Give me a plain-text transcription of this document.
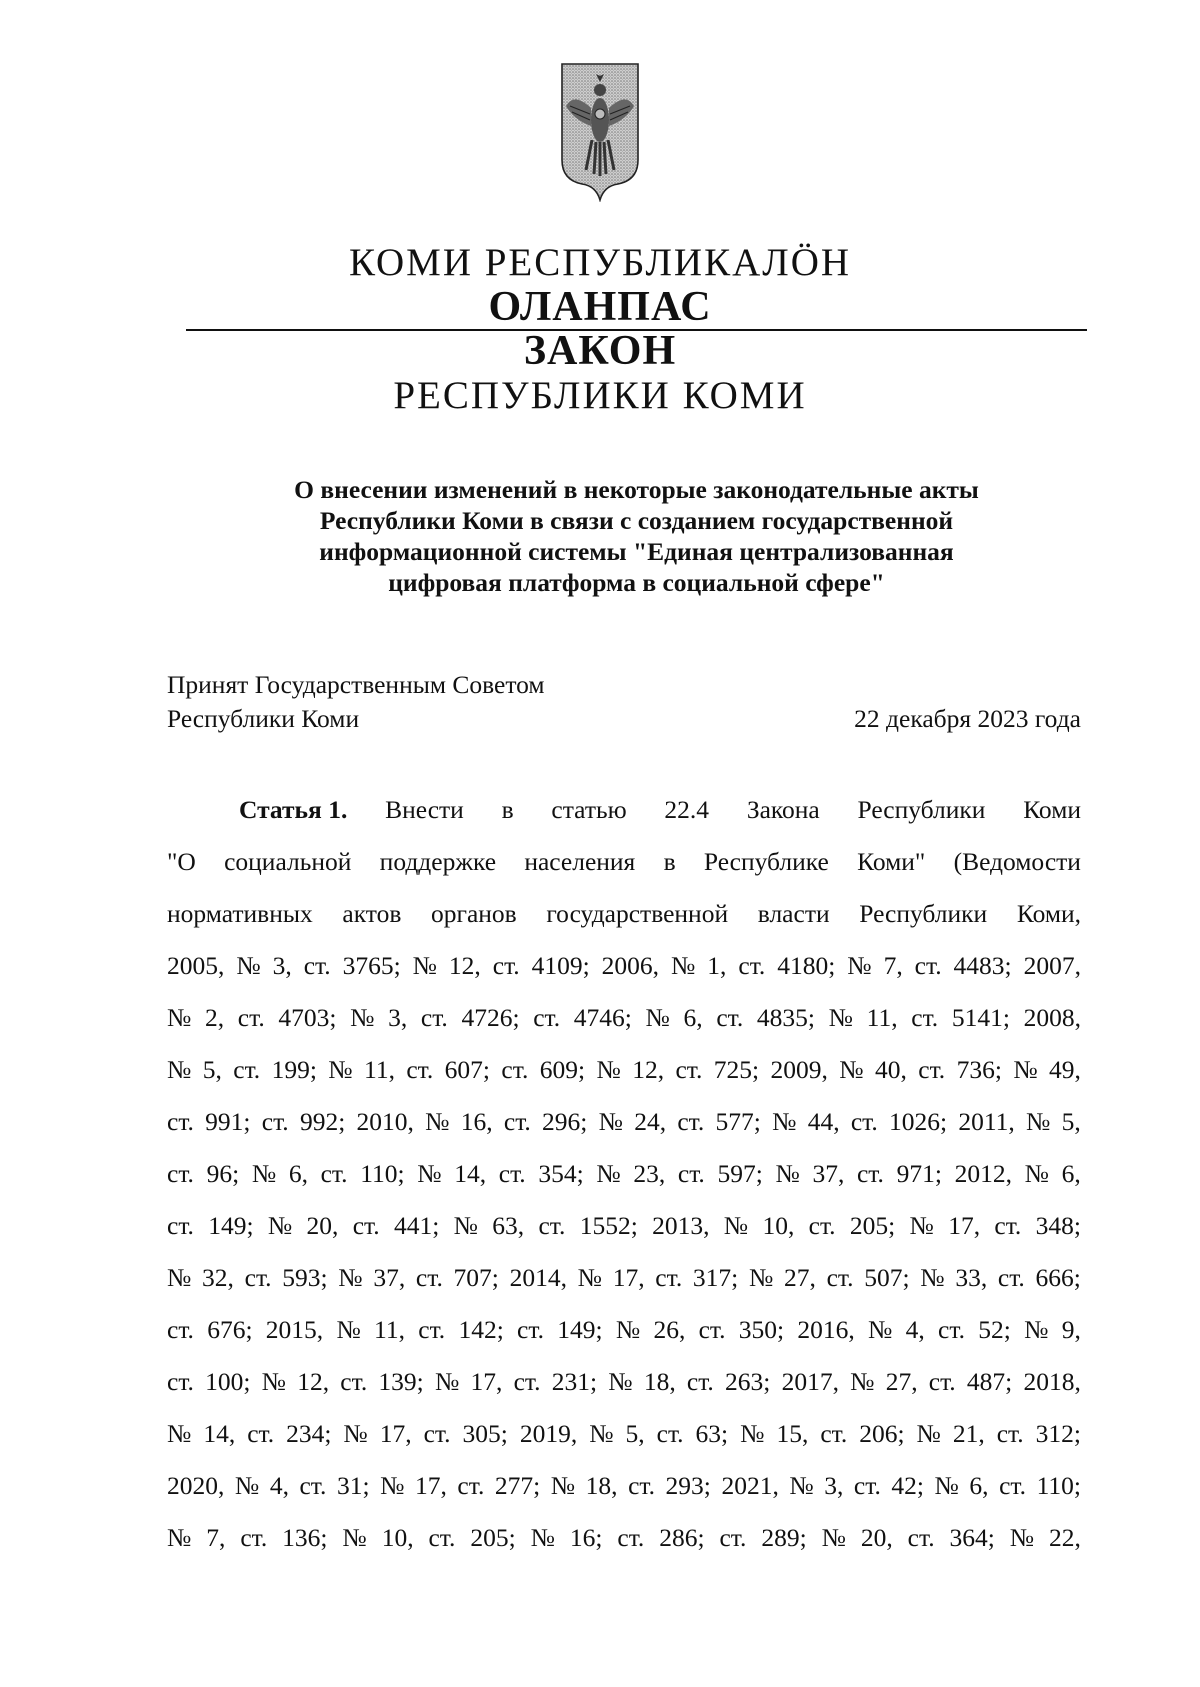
КОМИ РЕСПУБЛИКАЛÖН
ОЛАНПАС
ЗАКОН
РЕСПУБЛИКИ КОМИ
О внесении изменений в некоторые законодательные акты
Республики Коми в связи с созданием государственной
информационной системы "Единая централизованная
цифровая платформа в социальной сфере"
Принят Государственным Советом
Республики Коми	22 декабря 2023 года
Статья 1. Внести в статью 22.4 Закона Республики Коми
"О социальной поддержке населения в Республике Коми" (Ведомости
нормативных актов органов государственной власти Республики Коми,
2005, № 3, ст. 3765; № 12, ст. 4109; 2006, № 1, ст. 4180; № 7, ст. 4483; 2007,
№ 2, ст. 4703; № 3, ст. 4726; ст. 4746; № 6, ст. 4835; № 11, ст. 5141; 2008,
№ 5, ст. 199; № 11, ст. 607; ст. 609; № 12, ст. 725; 2009, № 40, ст. 736; № 49,
ст. 991; ст. 992; 2010, № 16, ст. 296; № 24, ст. 577; № 44, ст. 1026; 2011, № 5,
ст. 96; № 6, ст. 110; № 14, ст. 354; № 23, ст. 597; № 37, ст. 971; 2012, № 6,
ст. 149; № 20, ст. 441; № 63, ст. 1552; 2013, № 10, ст. 205; № 17, ст. 348;
№ 32, ст. 593; № 37, ст. 707; 2014, № 17, ст. 317; № 27, ст. 507; № 33, ст. 666;
ст. 676; 2015, № 11, ст. 142; ст. 149; № 26, ст. 350; 2016, № 4, ст. 52; № 9,
ст. 100; № 12, ст. 139; № 17, ст. 231; № 18, ст. 263; 2017, № 27, ст. 487; 2018,
№ 14, ст. 234; № 17, ст. 305; 2019, № 5, ст. 63; № 15, ст. 206; № 21, ст. 312;
2020, № 4, ст. 31; № 17, ст. 277; № 18, ст. 293; 2021, № 3, ст. 42; № 6, ст. 110;
№ 7, ст. 136; № 10, ст. 205; № 16; ст. 286; ст. 289; № 20, ст. 364; № 22,
